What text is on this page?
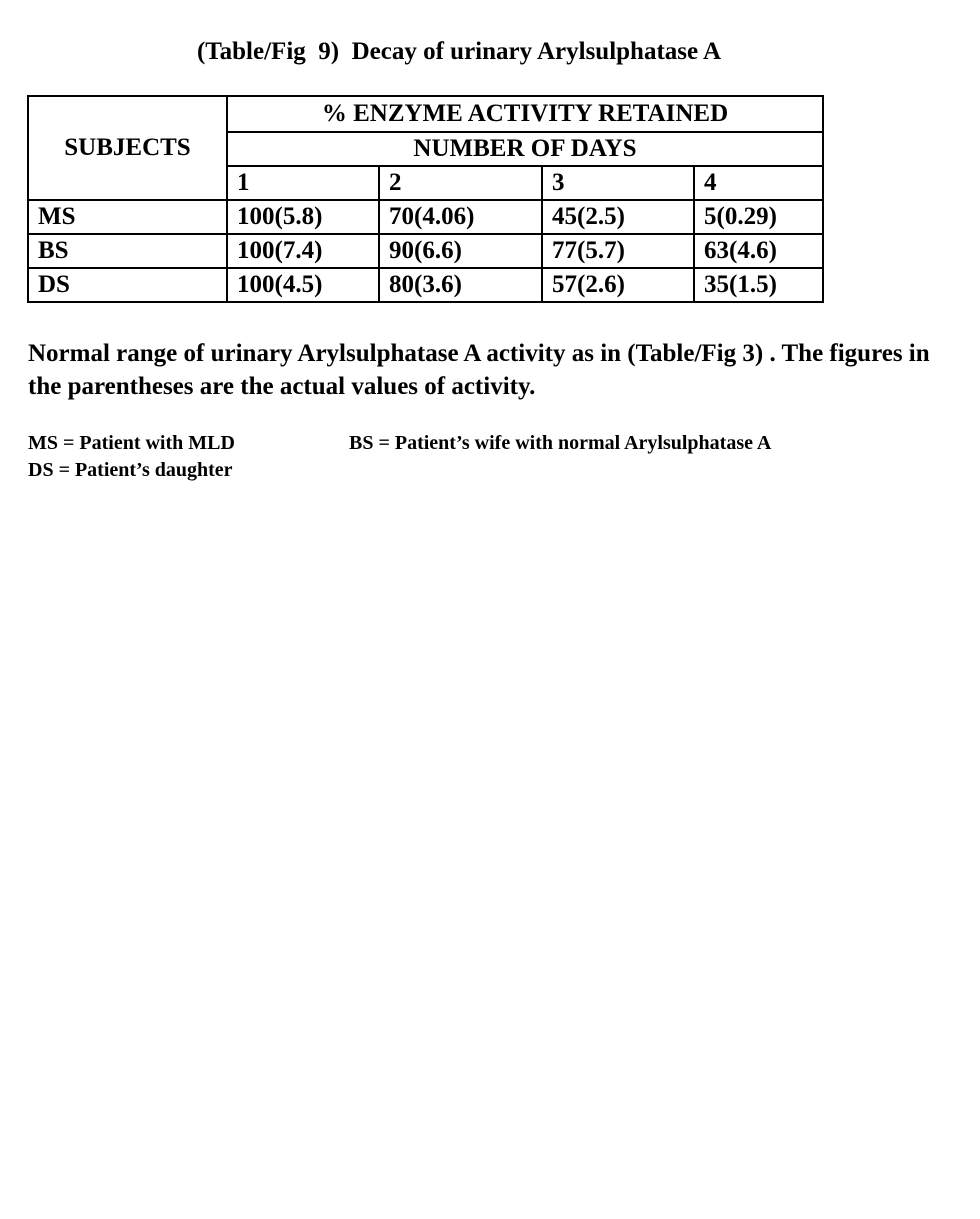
(Table/Fig  9)  Decay of urinary Arylsulphatase A
SUBJECTS	% ENZYME ACTIVITY RETAINED			
	NUMBER OF DAYS			
	1	2	3	4
MS	100(5.8)	70(4.06)	45(2.5)	5(0.29)
BS	100(7.4)	90(6.6)	77(5.7)	63(4.6)
DS	100(4.5)	80(3.6)	57(2.6)	35(1.5)
Normal range of urinary Arylsulphatase A activity as in (Table/Fig 3) . The figures in the parentheses are the actual values of activity.
MS = Patient with MLD	BS = Patient’s wife with normal Arylsulphatase A
DS = Patient’s daughter
